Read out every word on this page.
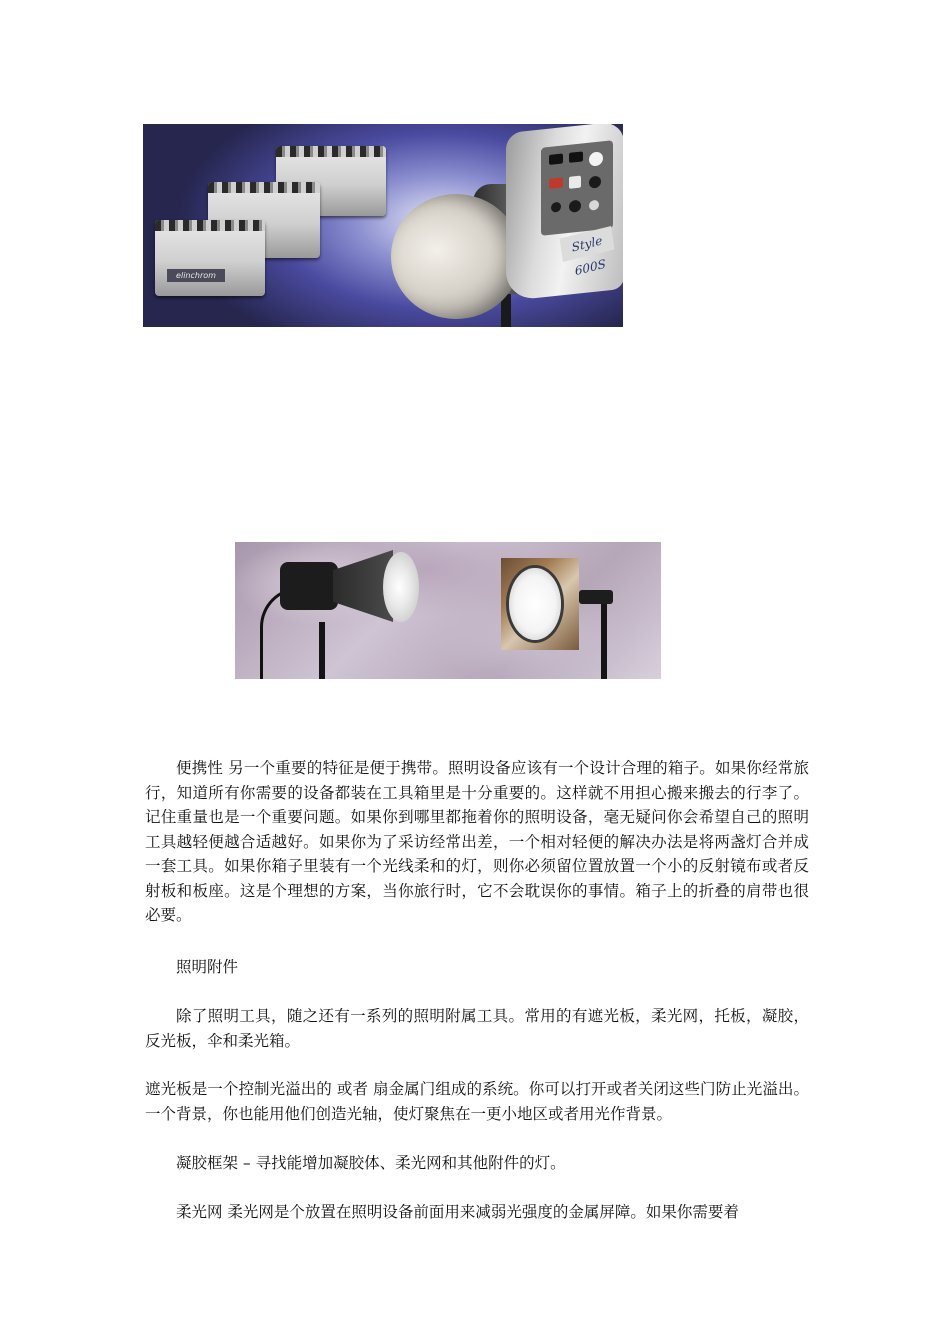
elinchrom
Style 600S

便携性 另一个重要的特征是便于携带。照明设备应该有一个设计合理的箱子。如果你经常旅行，知道所有你需要的设备都装在工具箱里是十分重要的。这样就不用担心搬来搬去的行李了。记住重量也是一个重要问题。如果你到哪里都拖着你的照明设备，毫无疑问你会希望自己的照明工具越轻便越合适越好。如果你为了采访经常出差，一个相对轻便的解决办法是将两盏灯合并成一套工具。如果你箱子里装有一个光线柔和的灯，则你必须留位置放置一个小的反射镜布或者反射板和板座。这是个理想的方案，当你旅行时，它不会耽误你的事情。箱子上的折叠的肩带也很必要。

照明附件

除了照明工具，随之还有一系列的照明附属工具。常用的有遮光板，柔光网，托板，凝胶，反光板，伞和柔光箱。

遮光板是一个控制光溢出的 或者 扇金属门组成的系统。你可以打开或者关闭这些门防止光溢出。一个背景，你也能用他们创造光轴，使灯聚焦在一更小地区或者用光作背景。

凝胶框架 – 寻找能增加凝胶体、柔光网和其他附件的灯。

柔光网 柔光网是个放置在照明设备前面用来减弱光强度的金属屏障。如果你需要着
